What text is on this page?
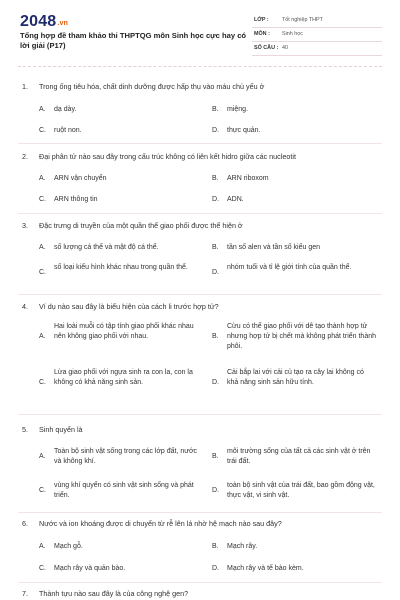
2048.vn
Tổng hợp đề tham khảo thi THPTQG môn Sinh học cực hay có lời giải (P17)
LỚP : Tốt nghiệp THPT
MÔN : Sinh học
SỐ CÂU : 40
1. Trong ống tiêu hóa, chất dinh dưỡng được hấp thụ vào máu chủ yếu ở
A.	dạ dày.	B.	miệng.
C.	ruột non.	D.	thực quản.
2. Đại phân tử nào sau đây trong cấu trúc không có liên kết hidro giữa các nucleotit
A.	ARN vận chuyển	B.	ARN riboxom
C.	ARN thông tin	D.	ADN.
3. Đặc trưng di truyền của một quần thể giao phối được thể hiện ở
A.	số lượng cá thể và mật độ cá thể.	B.	tần số alen và tần số kiểu gen
C.
số loại kiểu hình khác nhau trong quần thể.
D.
nhóm tuổi và tỉ lệ giới tính của quần thể.
4. Ví dụ nào sau đây là biểu hiện của cách li trước hợp tử?
A.
Hai loài muỗi có tập tính giao phối khác nhau nên không giao phối với nhau.	B.
Cừu có thể giao phối với dê tạo thành hợp tử nhưng hợp tử bị chết mà không phát triển thành phôi.
C.
Lừa giao phối với ngựa sinh ra con la, con la không có khả năng sinh sản.	D.
Cải bắp lai với cải củ tạo ra cây lai không có khả năng sinh sản hữu tính.
5. Sinh quyển là
A.
Toàn bộ sinh vật sống trong các lớp đất, nước và không khí.
B.
môi trường sống của tất cả các sinh vật ở trên trái đất.
C.
vùng khí quyển có sinh vật sinh sống và phát triển.
D.
toàn bộ sinh vật của trái đất, bao gồm động vật, thực vật, vi sinh vật.
6. Nước và ion khoáng được di chuyển từ rễ lên lá nhờ hệ mạch nào sau đây?
A.	Mạch gỗ.	B.	Mạch rây.
C.	Mạch rây và quản bào.	D.	Mạch rây và tế bào kèm.
7. Thành tựu nào sau đây là của công nghệ gen?
